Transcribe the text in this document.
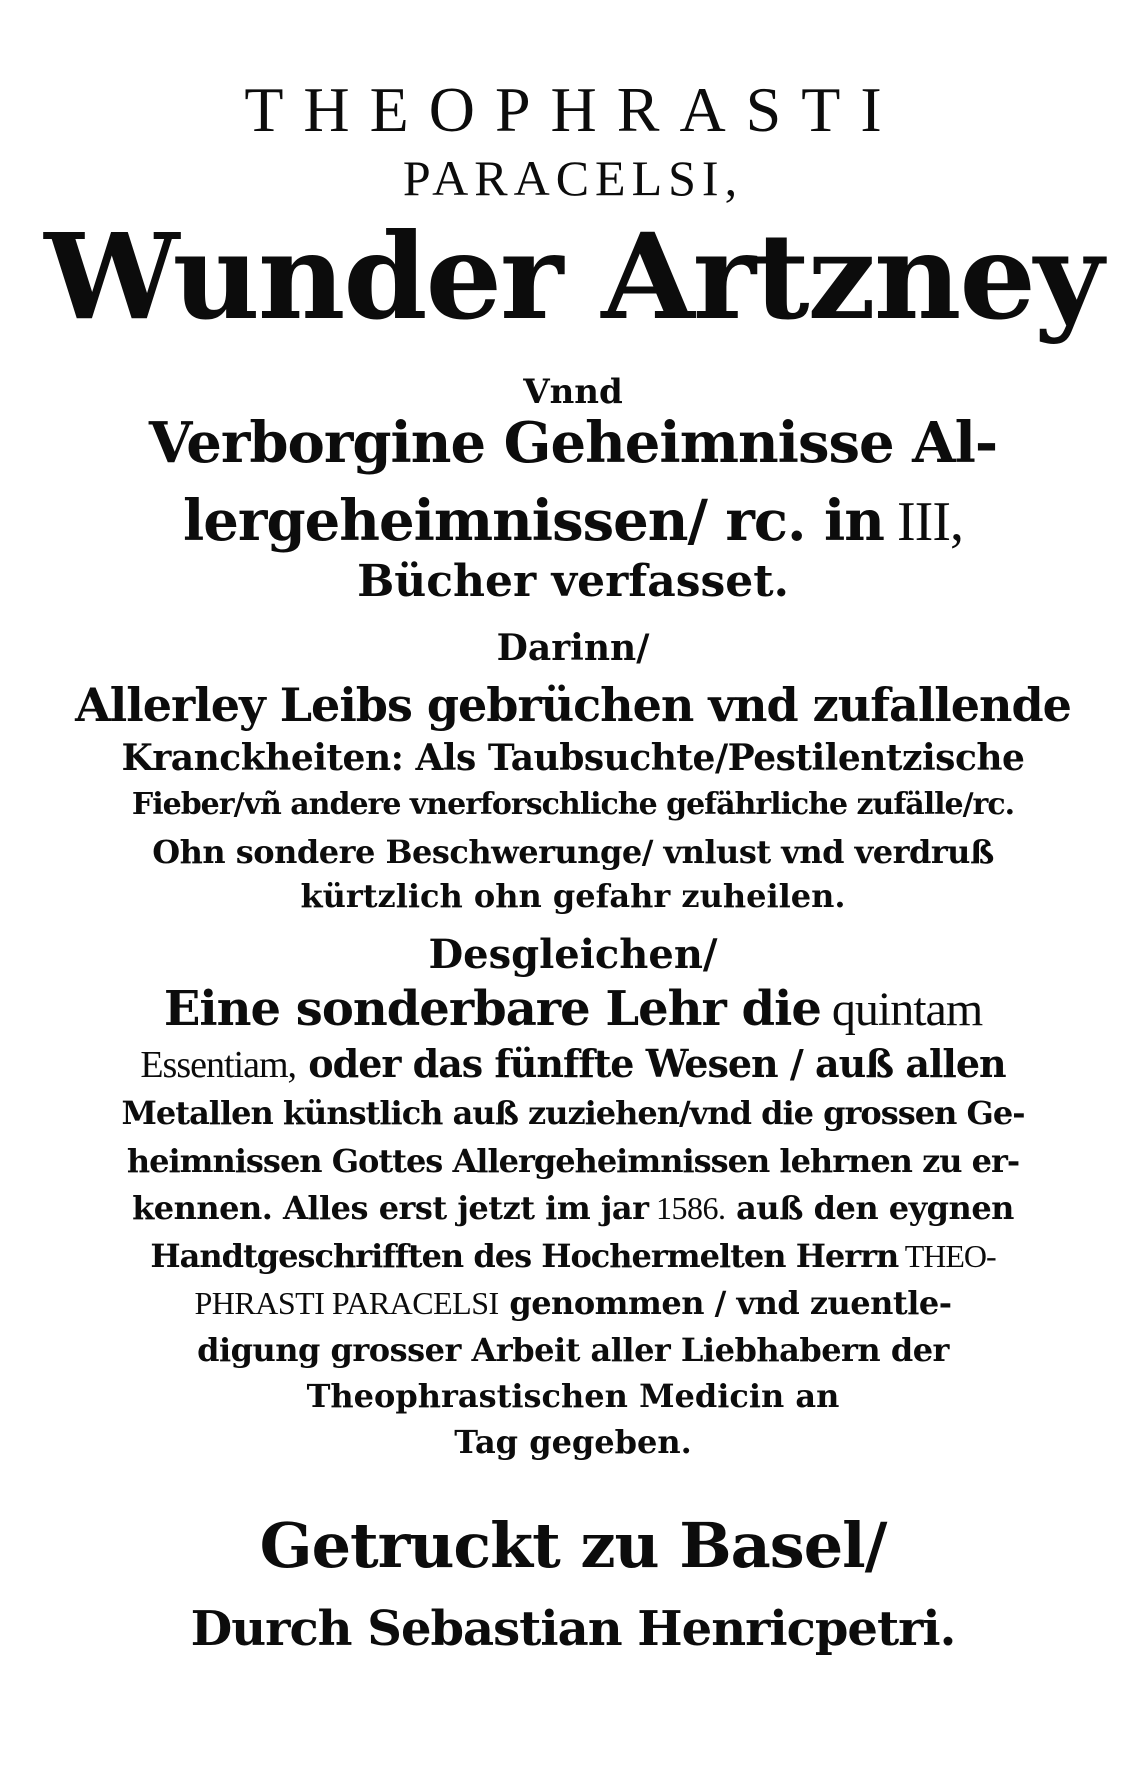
THEOPHRASTI
PARACELSI,
Wunder Artzney
Vnnd
Verborgine Geheimnisse Al-
lergeheimnissen/ rc. in III,
Bücher verfasset.
Darinn/
Allerley Leibs gebrüchen vnd zufallende
Kranckheiten: Als Taubsuchte/Pestilentzische
Fieber/vñ andere vnerforschliche gefährliche zufälle/rc.
Ohn sondere Beschwerunge/ vnlust vnd verdruß
kürtzlich ohn gefahr zuheilen.
Desgleichen/
Eine sonderbare Lehr die quintam
Essentiam, oder das fünffte Wesen / auß allen
Metallen künstlich auß zuziehen/vnd die grossen Ge-
heimnissen Gottes Allergeheimnissen lehrnen zu er-
kennen. Alles erst jetzt im jar 1586. auß den eygnen
Handtgeschrifften des Hochermelten Herrn THEO-
PHRASTI PARACELSI genommen / vnd zuentle-
digung grosser Arbeit aller Liebhabern der
Theophrastischen Medicin an
Tag gegeben.
Getruckt zu Basel/
Durch Sebastian Henricpetri.
